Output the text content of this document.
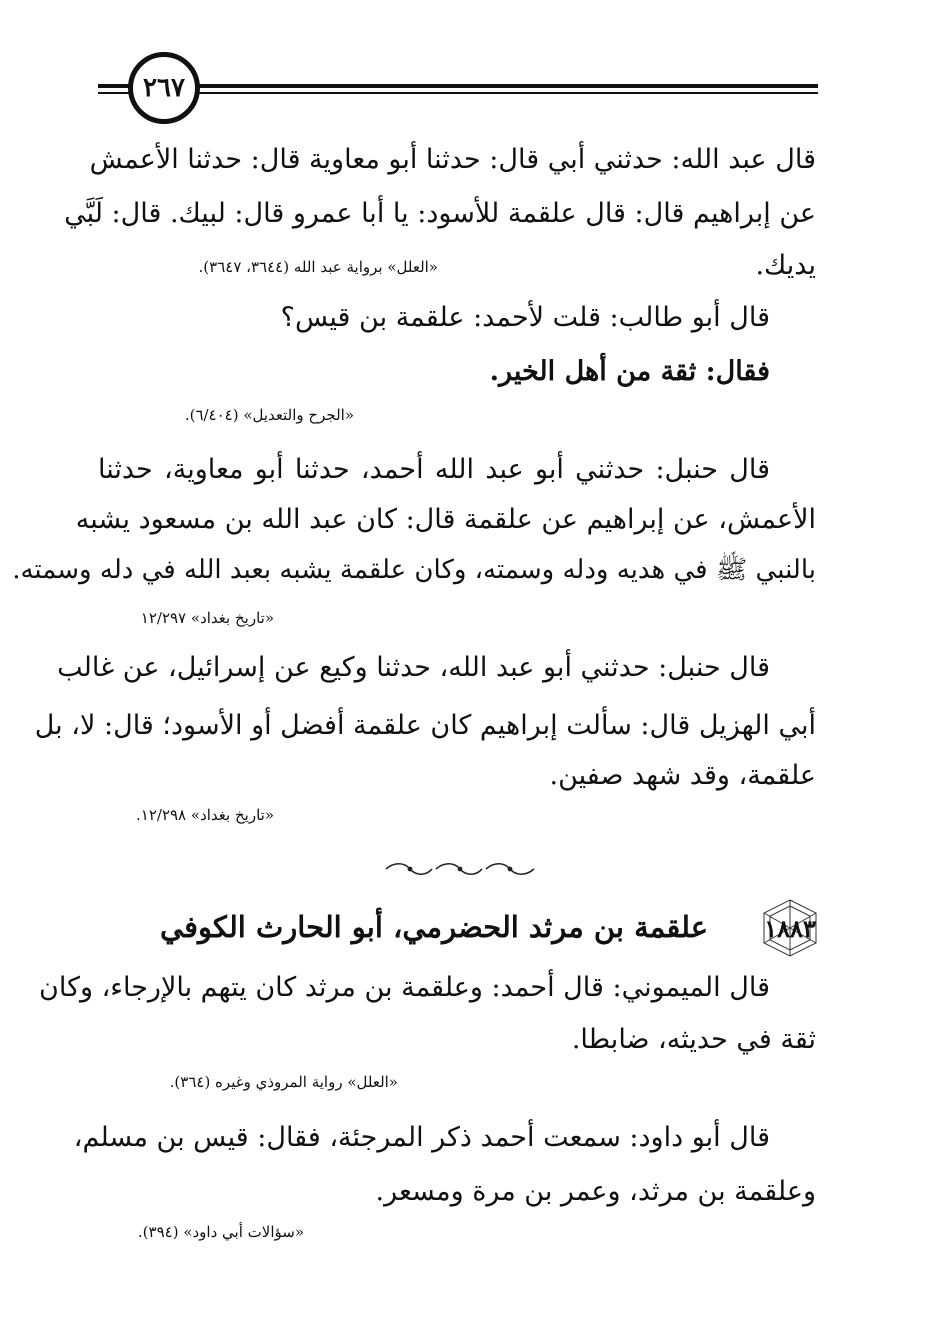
٢٦٧
قال عبد الله: حدثني أبي قال: حدثنا أبو معاوية قال: حدثنا الأعمش
عن إبراهيم قال: قال علقمة للأسود: يا أبا عمرو قال: لبيك. قال: لَبَّي
يديك.
«العلل» برواية عبد الله (٣٦٤٤، ٣٦٤٧).
قال أبو طالب: قلت لأحمد: علقمة بن قيس؟
فقال: ثقة من أهل الخير.
«الجرح والتعديل» (٦/٤٠٤).
قال حنبل: حدثني أبو عبد الله أحمد، حدثنا أبو معاوية، حدثنا
الأعمش، عن إبراهيم عن علقمة قال: كان عبد الله بن مسعود يشبه
بالنبي ﷺ في هديه ودله وسمته، وكان علقمة يشبه بعبد الله في دله وسمته.
«تاريخ بغداد» ١٢/٢٩٧
قال حنبل: حدثني أبو عبد الله، حدثنا وكيع عن إسرائيل، عن غالب
أبي الهزيل قال: سألت إبراهيم كان علقمة أفضل أو الأسود؛ قال: لا، بل
علقمة، وقد شهد صفين.
«تاريخ بغداد» ١٢/٢٩٨.
١٨٨٣
علقمة بن مرثد الحضرمي، أبو الحارث الكوفي
قال الميموني: قال أحمد: وعلقمة بن مرثد كان يتهم بالإرجاء، وكان
ثقة في حديثه، ضابطا.
«العلل» رواية المروذي وغيره (٣٦٤).
قال أبو داود: سمعت أحمد ذكر المرجئة، فقال: قيس بن مسلم،
وعلقمة بن مرثد، وعمر بن مرة ومسعر.
«سؤالات أبي داود» (٣٩٤).
